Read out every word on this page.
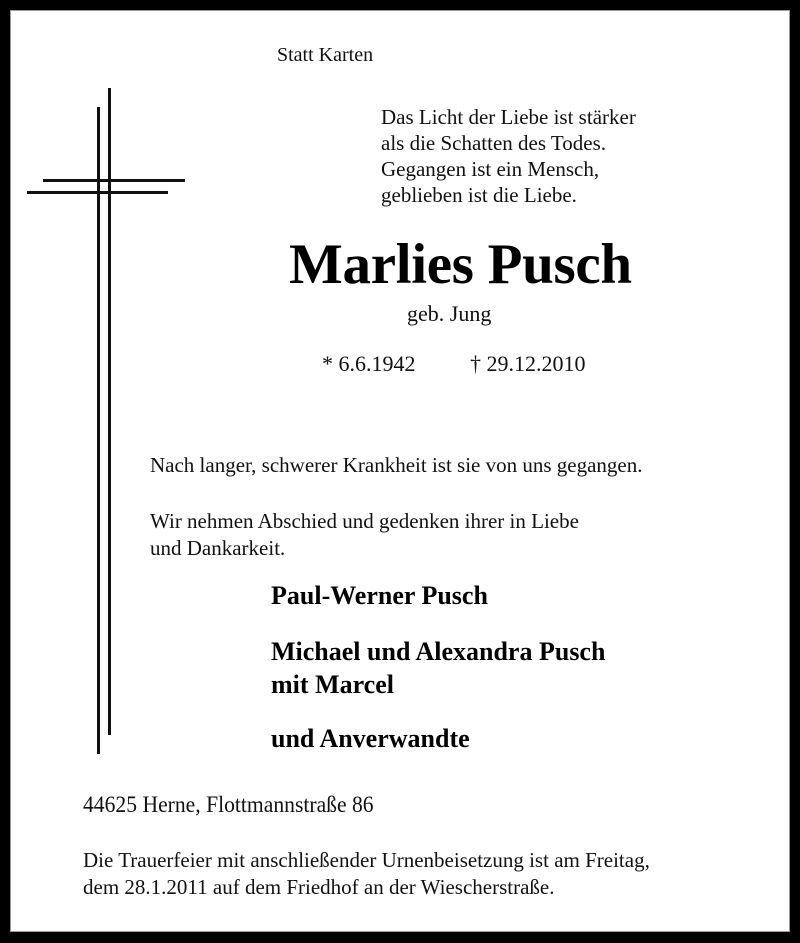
Statt Karten
Das Licht der Liebe ist stärker
als die Schatten des Todes.
Gegangen ist ein Mensch,
geblieben ist die Liebe.
Marlies Pusch
geb. Jung
* 6.6.1942 † 29.12.2010
Nach langer, schwerer Krankheit ist sie von uns gegangen.
Wir nehmen Abschied und gedenken ihrer in Liebe
und Dankarkeit.
Paul-Werner Pusch
Michael und Alexandra Pusch
mit Marcel
und Anverwandte
44625 Herne, Flottmannstraße 86
Die Trauerfeier mit anschließender Urnenbeisetzung ist am Freitag,
dem 28.1.2011 auf dem Friedhof an der Wiescherstraße.
